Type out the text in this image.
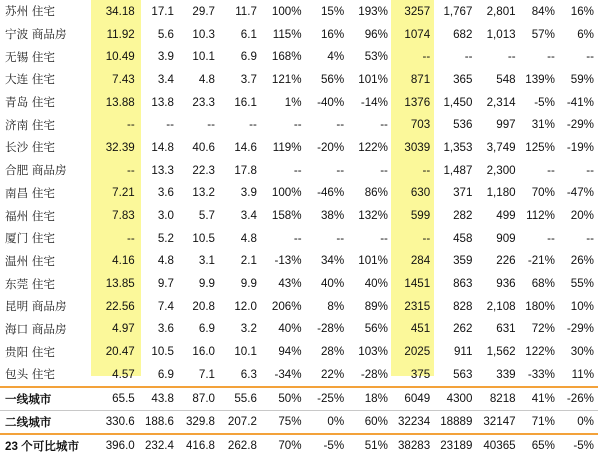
苏州	住宅	34.18	17.1	29.7	11.7	100%	15%	193%	3257	1,767	2,801	84%	16%
宁波	商品房	11.92	5.6	10.3	6.1	115%	16%	96%	1074	682	1,013	57%	6%
无锡	住宅	10.49	3.9	10.1	6.9	168%	4%	53%	--	--	--	--	--
大连	住宅	7.43	3.4	4.8	3.7	121%	56%	101%	871	365	548	139%	59%
青岛	住宅	13.88	13.8	23.3	16.1	1%	-40%	-14%	1376	1,450	2,314	-5%	-41%
济南	住宅	--	--	--	--	--	--	--	703	536	997	31%	-29%
长沙	住宅	32.39	14.8	40.6	14.6	119%	-20%	122%	3039	1,353	3,749	125%	-19%
合肥	商品房	--	13.3	22.3	17.8	--	--	--	--	1,487	2,300	--	--
南昌	住宅	7.21	3.6	13.2	3.9	100%	-46%	86%	630	371	1,180	70%	-47%
福州	住宅	7.83	3.0	5.7	3.4	158%	38%	132%	599	282	499	112%	20%
厦门	住宅	--	5.2	10.5	4.8	--	--	--	--	458	909	--	--
温州	住宅	4.16	4.8	3.1	2.1	-13%	34%	101%	284	359	226	-21%	26%
东莞	住宅	13.85	9.7	9.9	9.9	43%	40%	40%	1451	863	936	68%	55%
昆明	商品房	22.56	7.4	20.8	12.0	206%	8%	89%	2315	828	2,108	180%	10%
海口	商品房	4.97	3.6	6.9	3.2	40%	-28%	56%	451	262	631	72%	-29%
贵阳	住宅	20.47	10.5	16.0	10.1	94%	28%	103%	2025	911	1,562	122%	30%
包头	住宅	4.57	6.9	7.1	6.3	-34%	22%	-28%	375	563	339	-33%	11%
一线城市		65.5	43.8	87.0	55.6	50%	-25%	18%	6049	4300	8218	41%	-26%
二线城市		330.6	188.6	329.8	207.2	75%	0%	60%	32234	18889	32147	71%	0%
23 个可比城市		396.0	232.4	416.8	262.8	70%	-5%	51%	38283	23189	40365	65%	-5%
